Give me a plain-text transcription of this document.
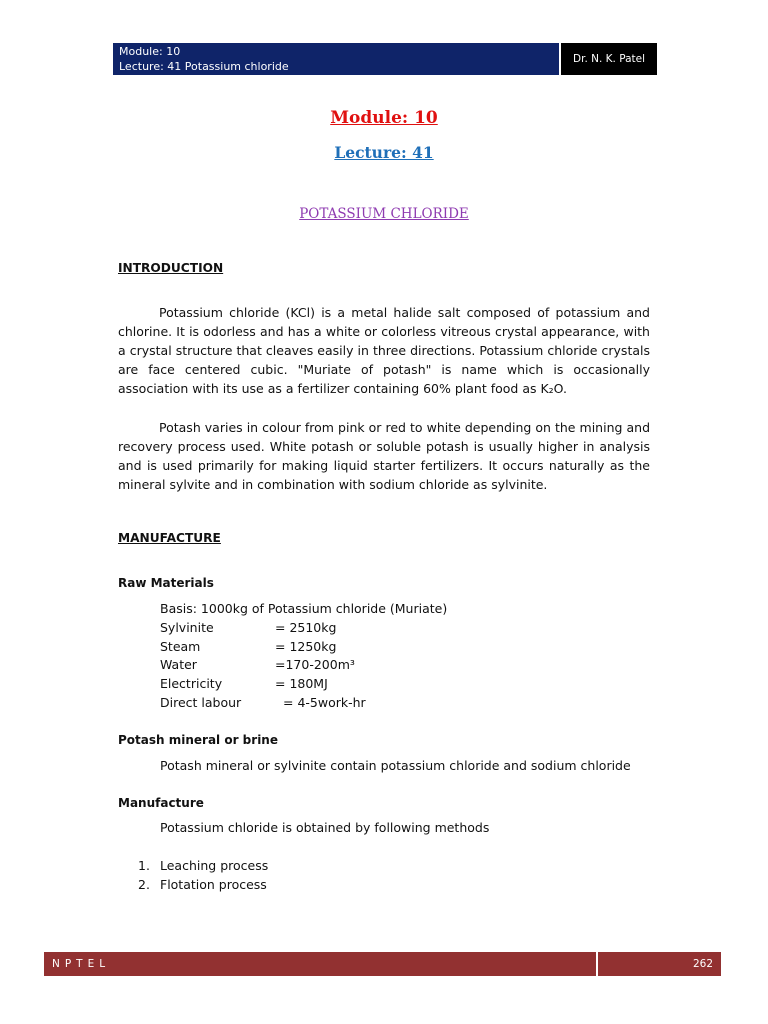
Module: 10
Lecture: 41 Potassium chloride
Dr. N. K. Patel
Module: 10
Lecture: 41
POTASSIUM CHLORIDE
INTRODUCTION
Potassium chloride (KCl) is a metal halide salt composed of potassium and chlorine. It is odorless and has a white or colorless vitreous crystal appearance, with a crystal structure that cleaves easily in three directions. Potassium chloride crystals are face centered cubic. "Muriate of potash" is name which is occasionally association with its use as a fertilizer containing 60% plant food as K₂O.
Potash varies in colour from pink or red to white depending on the mining and recovery process used. White potash or soluble potash is usually higher in analysis and is used primarily for making liquid starter fertilizers. It occurs naturally as the mineral sylvite and in combination with sodium chloride as sylvinite.
MANUFACTURE
Raw Materials
Basis: 1000kg of Potassium chloride (Muriate)
Sylvinite	= 2510kg
Steam	= 1250kg
Water	=170-200m³
Electricity	= 180MJ
Direct labour	= 4-5work-hr
Potash mineral or brine
Potash mineral or sylvinite contain potassium chloride and sodium chloride
Manufacture
Potassium chloride is obtained by following methods
1. Leaching process
2. Flotation process
NPTEL	262
